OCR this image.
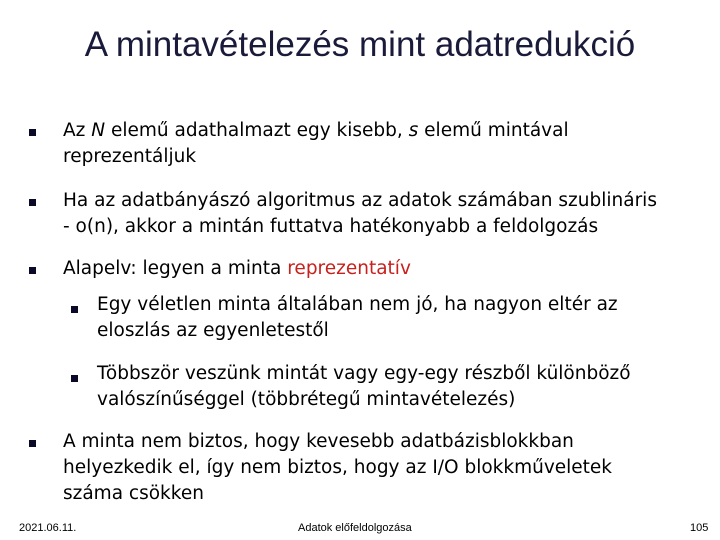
A mintavételezés mint adatredukció
Az N elemű adathalmazt egy kisebb, s elemű mintával
reprezentáljuk
Ha az adatbányászó algoritmus az adatok számában szublináris
- o(n), akkor a mintán futtatva hatékonyabb a feldolgozás
Alapelv: legyen a minta reprezentatív
Egy véletlen minta általában nem jó, ha nagyon eltér az
eloszlás az egyenletestől
Többször veszünk mintát vagy egy-egy részből különböző
valószínűséggel (többrétegű mintavételezés)
A minta nem biztos, hogy kevesebb adatbázisblokkban
helyezkedik el, így nem biztos, hogy az I/O blokkműveletek
száma csökken
2021.06.11.	Adatok előfeldolgozása	105
